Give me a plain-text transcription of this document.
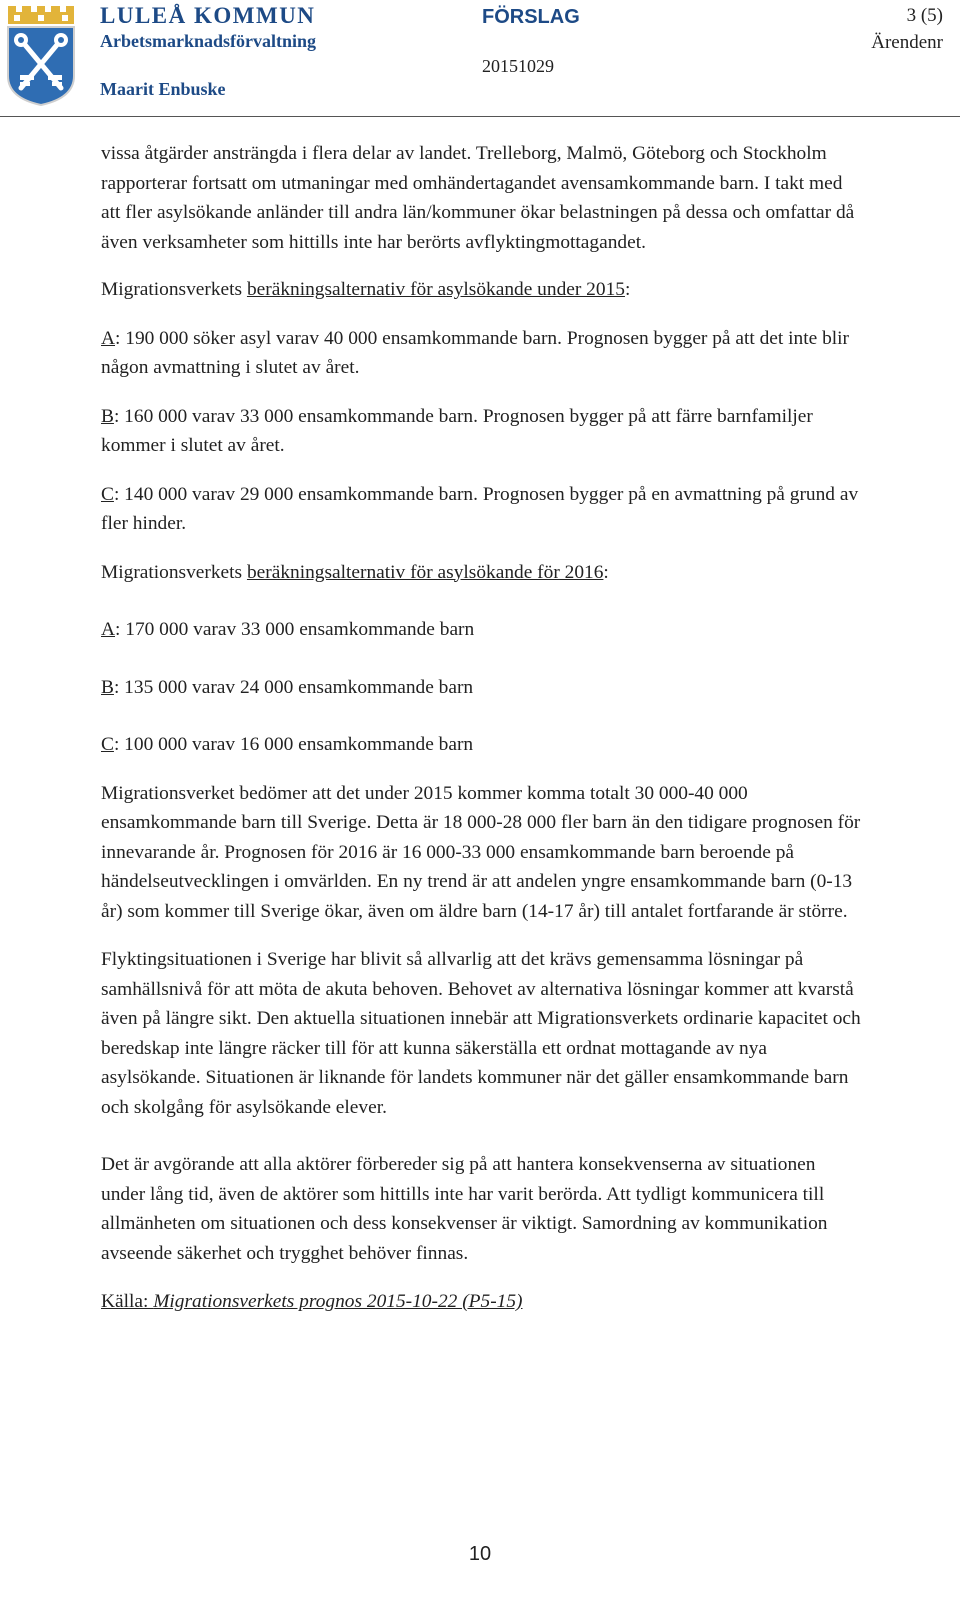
LULEÅ KOMMUN
Arbetsmarknadsförvaltning
Maarit Enbuske
FÖRSLAG
20151029
3 (5)
Ärendenr

vissa åtgärder ansträngda i flera delar av landet. Trelleborg, Malmö, Göteborg och Stockholm rapporterar fortsatt om utmaningar med omhändertagandet avensamkommande barn. I takt med att fler asylsökande anländer till andra län/kommuner ökar belastningen på dessa och omfattar då även verksamheter som hittills inte har berörts avflyktingmottagandet.

Migrationsverkets beräkningsalternativ för asylsökande under 2015:

A: 190 000 söker asyl varav 40 000 ensamkommande barn. Prognosen bygger på att det inte blir någon avmattning i slutet av året.

B: 160 000 varav 33 000 ensamkommande barn. Prognosen bygger på att färre barnfamiljer kommer i slutet av året.

C: 140 000 varav 29 000 ensamkommande barn. Prognosen bygger på en avmattning på grund av fler hinder.

Migrationsverkets beräkningsalternativ för asylsökande för 2016:

A: 170 000 varav 33 000 ensamkommande barn

B: 135 000 varav 24 000 ensamkommande barn

C: 100 000 varav 16 000 ensamkommande barn

Migrationsverket bedömer att det under 2015 kommer komma totalt 30 000-40 000 ensamkommande barn till Sverige. Detta är 18 000-28 000 fler barn än den tidigare prognosen för innevarande år. Prognosen för 2016 är 16 000-33 000 ensamkommande barn beroende på händelseutvecklingen i omvärlden. En ny trend är att andelen yngre ensamkommande barn (0-13 år) som kommer till Sverige ökar, även om äldre barn (14-17 år) till antalet fortfarande är större.

Flyktingsituationen i Sverige har blivit så allvarlig att det krävs gemensamma lösningar på samhällsnivå för att möta de akuta behoven. Behovet av alternativa lösningar kommer att kvarstå även på längre sikt. Den aktuella situationen innebär att Migrationsverkets ordinarie kapacitet och beredskap inte längre räcker till för att kunna säkerställa ett ordnat mottagande av nya asylsökande. Situationen är liknande för landets kommuner när det gäller ensamkommande barn och skolgång för asylsökande elever.

Det är avgörande att alla aktörer förbereder sig på att hantera konsekvenserna av situationen under lång tid, även de aktörer som hittills inte har varit berörda. Att tydligt kommunicera till allmänheten om situationen och dess konsekvenser är viktigt. Samordning av kommunikation avseende säkerhet och trygghet behöver finnas.

Källa: Migrationsverkets prognos 2015-10-22 (P5-15)

10
